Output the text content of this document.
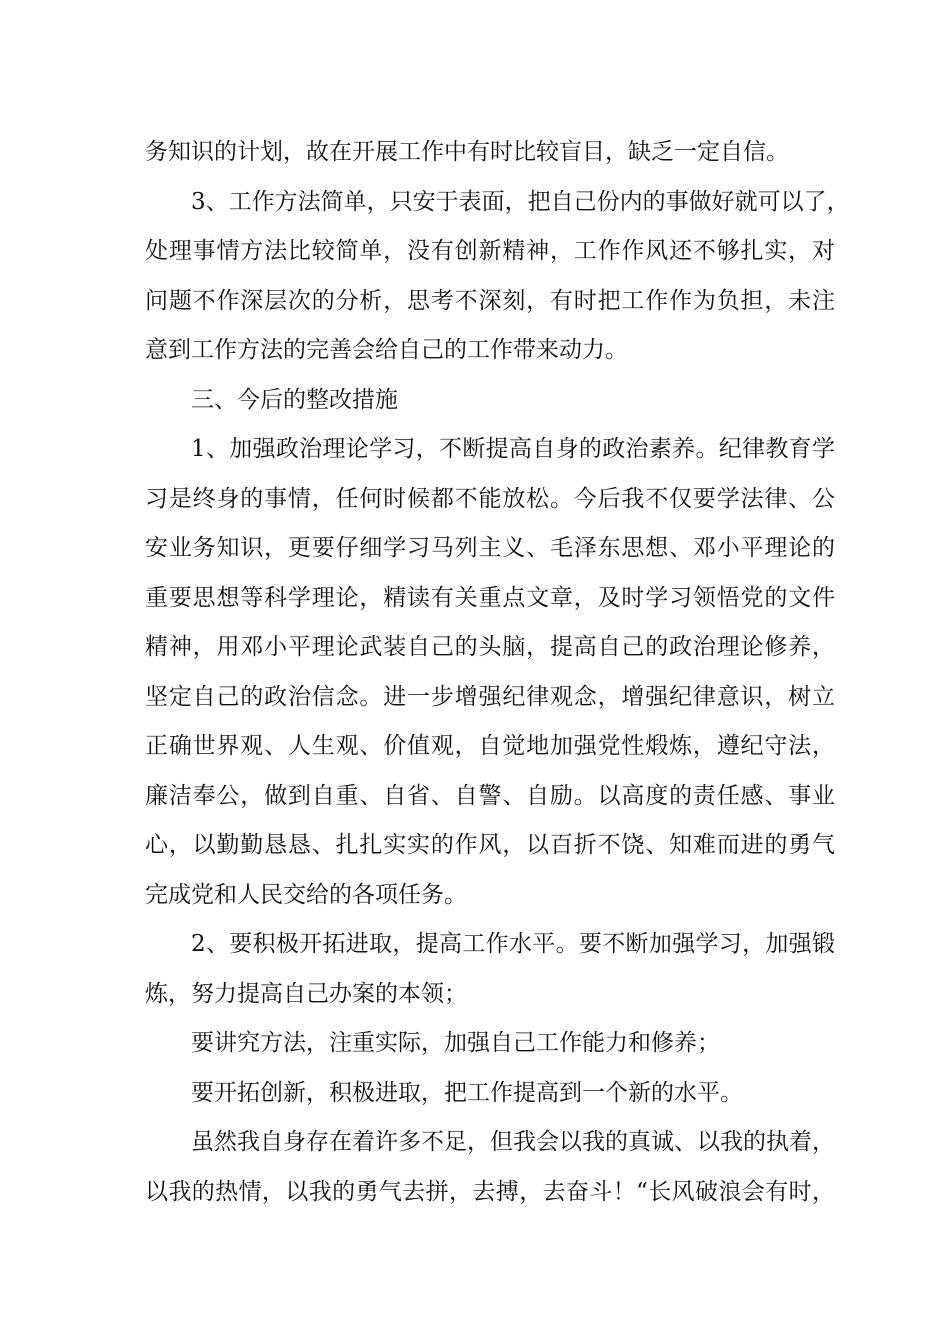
务知识的计划，故在开展工作中有时比较盲目，缺乏一定自信。
3、工作方法简单，只安于表面，把自己份内的事做好就可以了，
处理事情方法比较简单，没有创新精神，工作作风还不够扎实，对
问题不作深层次的分析，思考不深刻，有时把工作作为负担，未注
意到工作方法的完善会给自己的工作带来动力。
三、今后的整改措施
1、加强政治理论学习，不断提高自身的政治素养。纪律教育学
习是终身的事情，任何时候都不能放松。今后我不仅要学法律、公
安业务知识，更要仔细学习马列主义、毛泽东思想、邓小平理论的
重要思想等科学理论，精读有关重点文章，及时学习领悟党的文件
精神，用邓小平理论武装自己的头脑，提高自己的政治理论修养，
坚定自己的政治信念。进一步增强纪律观念，增强纪律意识，树立
正确世界观、人生观、价值观，自觉地加强党性煅炼，遵纪守法，
廉洁奉公，做到自重、自省、自警、自励。以高度的责任感、事业
心，以勤勤恳恳、扎扎实实的作风，以百折不饶、知难而进的勇气
完成党和人民交给的各项任务。
2、要积极开拓进取，提高工作水平。要不断加强学习，加强锻
炼，努力提高自己办案的本领；
要讲究方法，注重实际，加强自己工作能力和修养；
要开拓创新，积极进取，把工作提高到一个新的水平。
虽然我自身存在着许多不足，但我会以我的真诚、以我的执着，
以我的热情，以我的勇气去拼，去搏，去奋斗！“长风破浪会有时，
